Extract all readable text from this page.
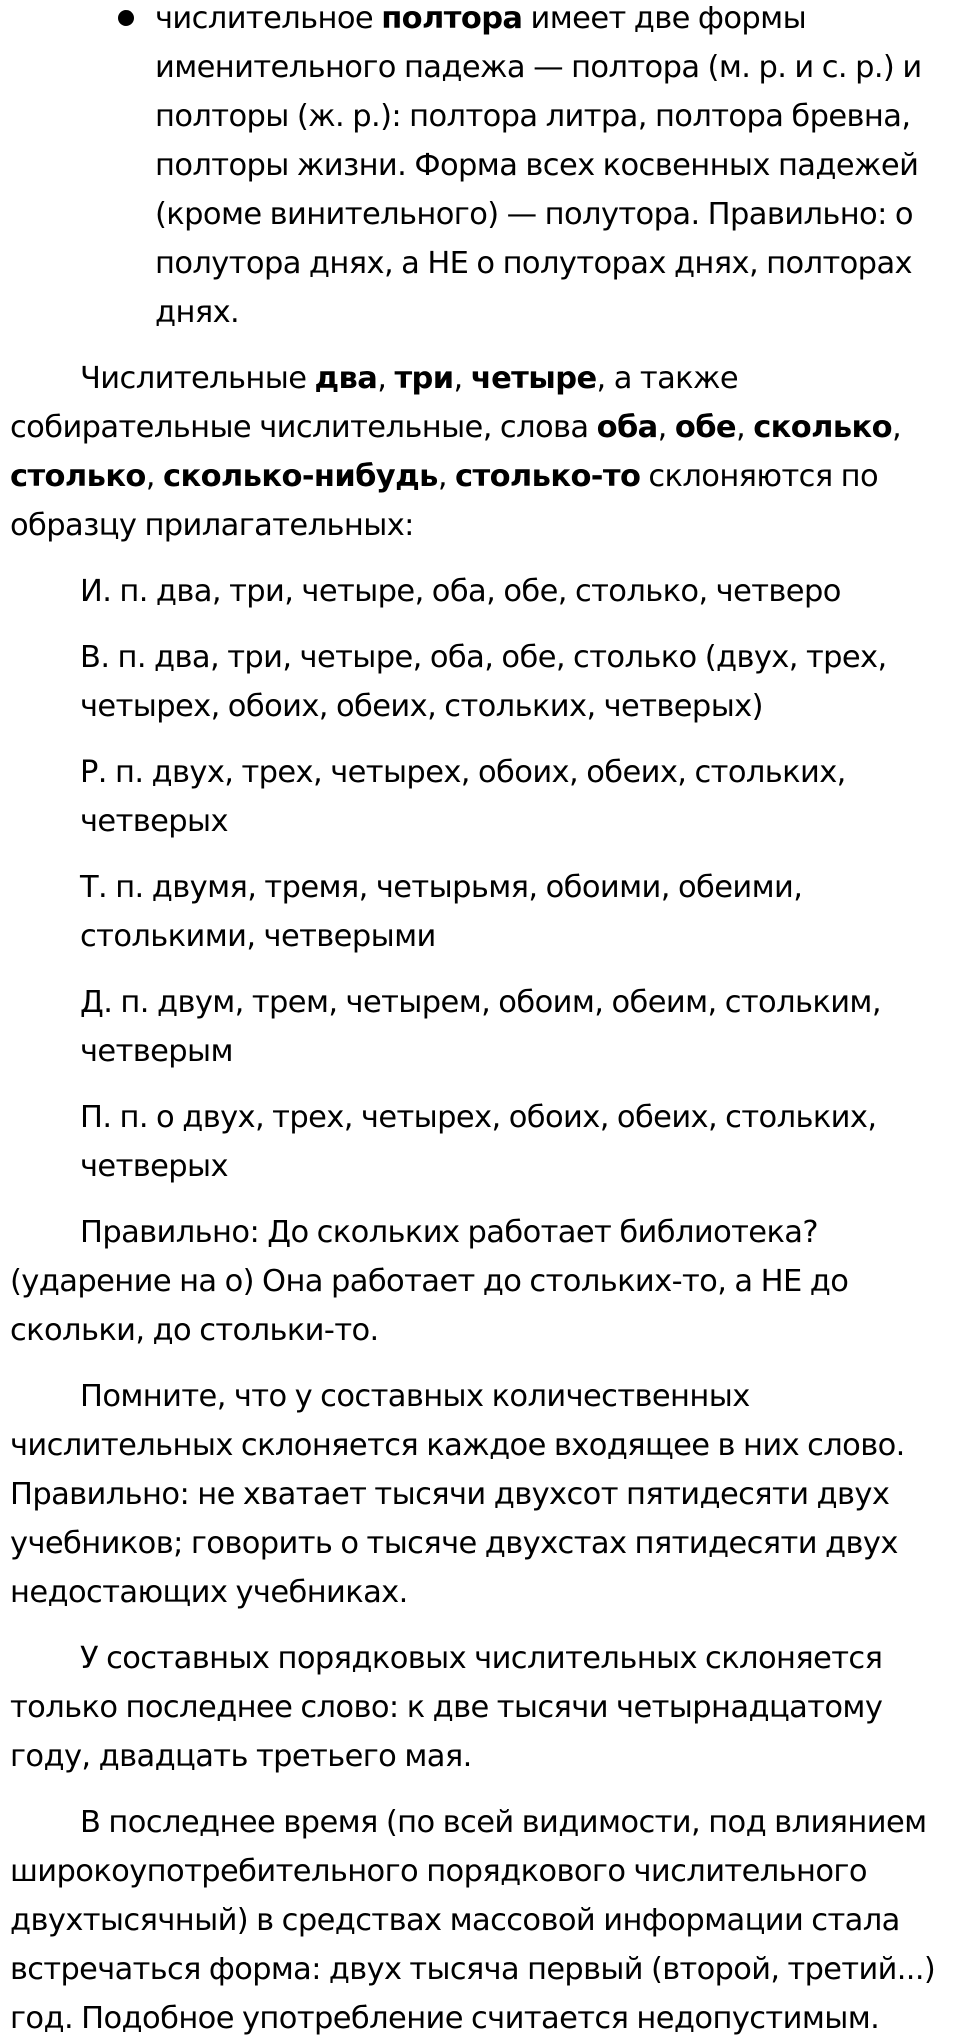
числительное полтора имеет две формы
именительного падежа — полтора (м. р. и с. р.) и
полторы (ж. р.): полтора литра, полтора бревна,
полторы жизни. Форма всех косвенных падежей
(кроме винительного) — полутора. Правильно: о
полутора днях, а НЕ о полуторах днях, полторах
днях.
Числительные два, три, четыре, а также
собирательные числительные, слова оба, обе, сколько,
столько, сколько-нибудь, столько-то склоняются по
образцу прилагательных:
И. п. два, три, четыре, оба, обе, столько, четверо
В. п. два, три, четыре, оба, обе, столько (двух, трех,
четырех, обоих, обеих, стольких, четверых)
Р. п. двух, трех, четырех, обоих, обеих, стольких,
четверых
Т. п. двумя, тремя, четырьмя, обоими, обеими,
столькими, четверыми
Д. п. двум, трем, четырем, обоим, обеим, стольким,
четверым
П. п. о двух, трех, четырех, обоих, обеих, стольких,
четверых
Правильно: До скольких работает библиотека?
(ударение на о) Она работает до стольких-то, а НЕ до
скольки, до стольки-то.
Помните, что у составных количественных
числительных склоняется каждое входящее в них слово.
Правильно: не хватает тысячи двухсот пятидесяти двух
учебников; говорить о тысяче двухстах пятидесяти двух
недостающих учебниках.
У составных порядковых числительных склоняется
только последнее слово: к две тысячи четырнадцатому
году, двадцать третьего мая.
В последнее время (по всей видимости, под влиянием
широкоупотребительного порядкового числительного
двухтысячный) в средствах массовой информации стала
встречаться форма: двух тысяча первый (второй, третий...)
год. Подобное употребление считается недопустимым.
